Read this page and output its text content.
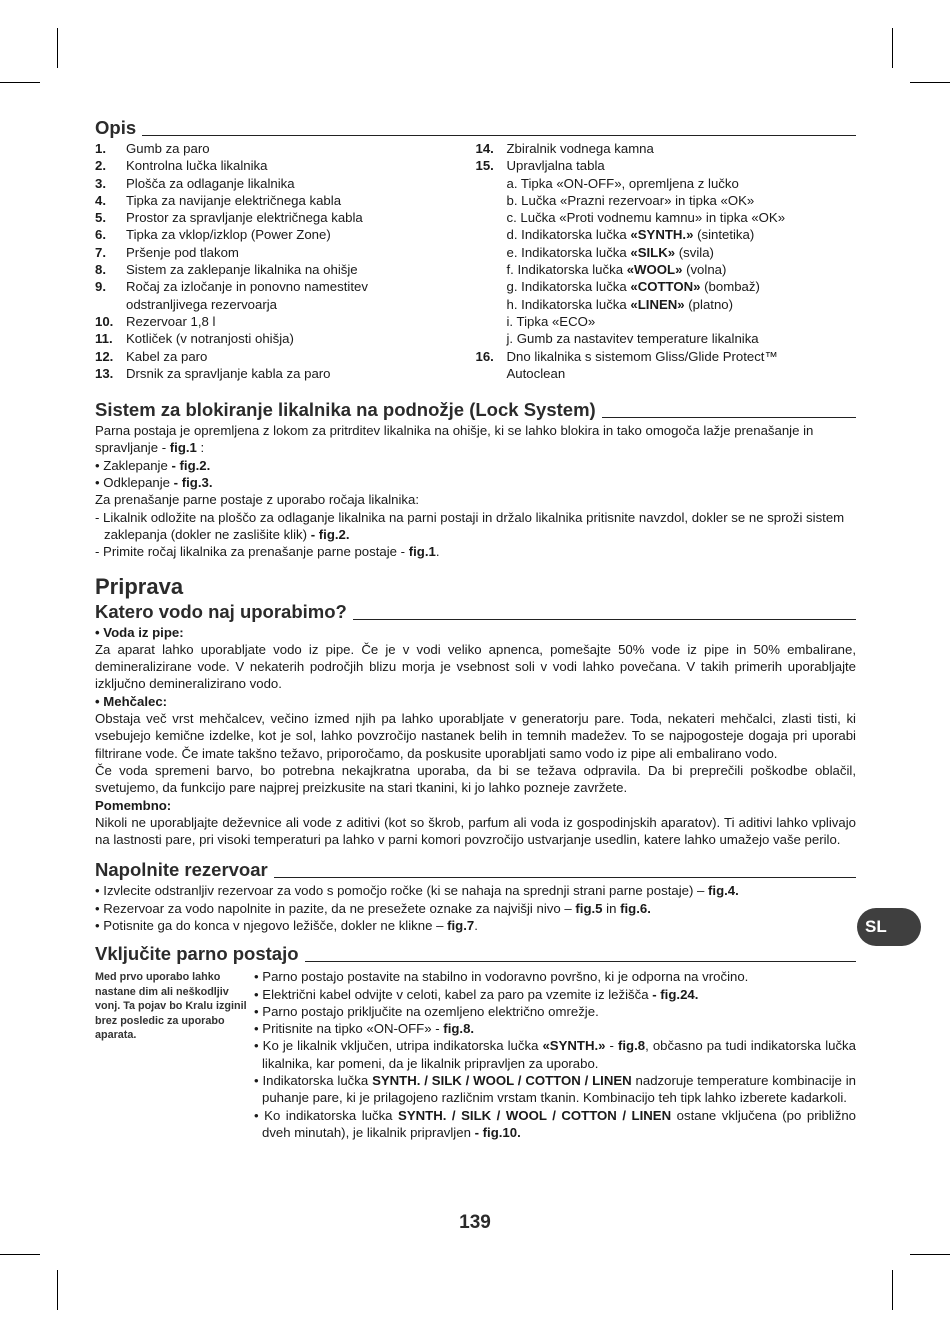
Opis
1.	Gumb za paro
2.	Kontrolna lučka likalnika
3.	Plošča za odlaganje likalnika
4.	Tipka za navijanje električnega kabla
5.	Prostor za spravljanje električnega kabla
6.	Tipka za vklop/izklop (Power Zone)
7.	Pršenje pod tlakom
8.	Sistem za zaklepanje likalnika na ohišje
9.	Ročaj za izločanje in ponovno namestitev
odstranljivega rezervoarja
10. Rezervoar 1,8 l
11.	Kotliček (v notranjosti ohišja)
12. Kabel za paro
13. Drsnik za spravljanje kabla za paro
14. Zbiralnik vodnega kamna
15. Upravljalna tabla
a. Tipka «ON-OFF», opremljena z lučko
b. Lučka «Prazni rezervoar» in tipka «OK»
c. Lučka «Proti vodnemu kamnu» in tipka «OK»
d. Indikatorska lučka «SYNTH.» (sintetika)
e. Indikatorska lučka «SILK» (svila)
f. Indikatorska lučka «WOOL» (volna)
g. Indikatorska lučka «COTTON» (bombaž)
h. Indikatorska lučka «LINEN» (platno)
i. Tipka «ECO»
j. Gumb za nastavitev temperature likalnika
16. Dno likalnika s sistemom Gliss/Glide Protect™
Autoclean
Sistem za blokiranje likalnika na podnožje (Lock System)
Parna postaja je opremljena z lokom za pritrditev likalnika na ohišje, ki se lahko blokira in tako omogoča lažje prenašanje in spravljanje - fig.1 :
• Zaklepanje - fig.2.
• Odklepanje - fig.3.
Za prenašanje parne postaje z uporabo ročaja likalnika:
- Likalnik odložite na ploščo za odlaganje likalnika na parni postaji in držalo likalnika pritisnite navzdol, dokler se ne sproži sistem zaklepanja (dokler ne zaslišite klik) - fig.2.
- Primite ročaj likalnika za prenašanje parne postaje - fig.1.
Priprava
Katero vodo naj uporabimo?
• Voda iz pipe:
Za aparat lahko uporabljate vodo iz pipe. Če je v vodi veliko apnenca, pomešajte 50% vode iz pipe in 50% embalirane, demineralizirane vode. V nekaterih področjih blizu morja je vsebnost soli v vodi lahko povečana. V takih primerih uporabljajte izključno demineralizirano vodo.
• Mehčalec:
Obstaja več vrst mehčalcev, večino izmed njih pa lahko uporabljate v generatorju pare. Toda, nekateri mehčalci, zlasti tisti, ki vsebujejo kemične izdelke, kot je sol, lahko povzročijo nastanek belih in temnih madežev. To se najpogosteje dogaja pri uporabi filtrirane vode. Če imate takšno težavo, priporočamo, da poskusite uporabljati samo vodo iz pipe ali embalirano vodo.
Če voda spremeni barvo, bo potrebna nekajkratna uporaba, da bi se težava odpravila. Da bi preprečili poškodbe oblačil, svetujemo, da funkcijo pare najprej preizkusite na stari tkanini, ki jo lahko pozneje zavržete.
Pomembno:
Nikoli ne uporabljajte deževnice ali vode z aditivi (kot so škrob, parfum ali voda iz gospodinjskih aparatov). Ti aditivi lahko vplivajo na lastnosti pare, pri visoki temperaturi pa lahko v parni komori povzročijo ustvarjanje usedlin, katere lahko umažejo vaše perilo.
Napolnite rezervoar
• Izvlecite odstranljiv rezervoar za vodo s pomočjo ročke (ki se nahaja na sprednji strani parne postaje) – fig.4.
• Rezervoar za vodo napolnite in pazite, da ne presežete oznake za najvišji nivo – fig.5 in fig.6.
• Potisnite ga do konca v njegovo ležišče, dokler ne klikne – fig.7.
Vključite parno postajo
Med prvo uporabo lahko nastane dim ali neškodljiv vonj. Ta pojav bo Kralu izginil brez posledic za uporabo aparata.
• Parno postajo postavite na stabilno in vodoravno površno, ki je odporna na vročino.
• Električni kabel odvijte v celoti, kabel za paro pa vzemite iz ležišča - fig.24.
• Parno postajo priključite na ozemljeno električno omrežje.
• Pritisnite na tipko «ON-OFF» - fig.8.
• Ko je likalnik vključen, utripa indikatorska lučka «SYNTH.» - fig.8, občasno pa tudi indikatorska lučka likalnika, kar pomeni, da je likalnik pripravljen za uporabo.
• Indikatorska lučka SYNTH. / SILK / WOOL / COTTON / LINEN nadzoruje temperature kombinacije in puhanje pare, ki je prilagojeno različnim vrstam tkanin. Kombinacijo teh tipk lahko izberete kadarkoli.
• Ko indikatorska lučka SYNTH. / SILK / WOOL / COTTON / LINEN ostane vključena (po približno dveh minutah), je likalnik pripravljen - fig.10.
SL
139
